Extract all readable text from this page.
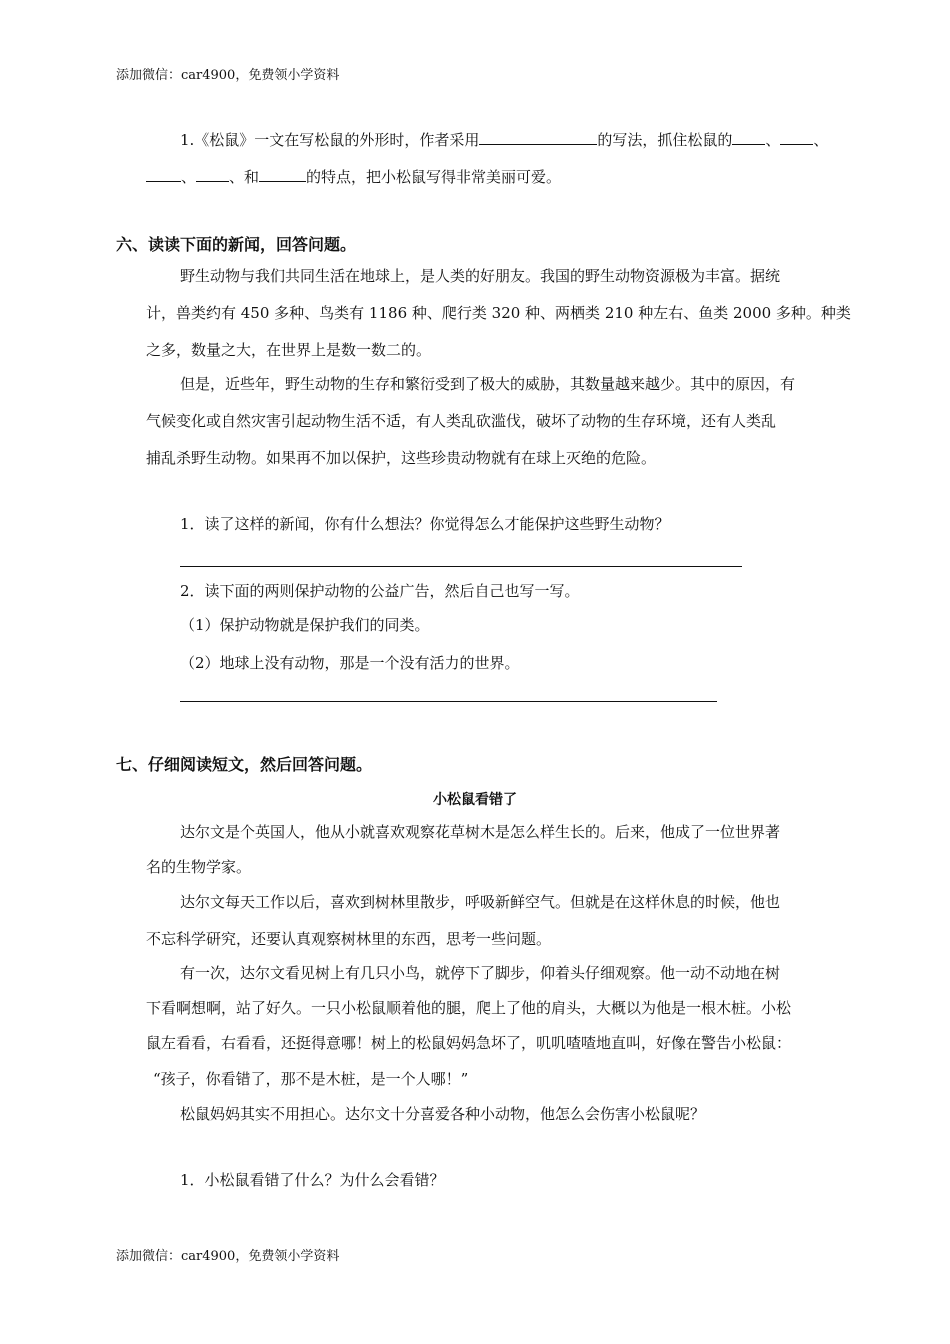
添加微信：car4900，免费领小学资料
1.《松鼠》一文在写松鼠的外形时，作者采用	的写法，抓住松鼠的 、 、
、 、和	的特点，把小松鼠写得非常美丽可爱。
六、读读下面的新闻，回答问题。
野生动物与我们共同生活在地球上，是人类的好朋友。我国的野生动物资源极为丰富。据统
计，兽类约有 450 多种、鸟类有 1186 种、爬行类 320 种、两栖类 210 种左右、鱼类 2000 多种。种类
之多，数量之大，在世界上是数一数二的。
但是，近些年，野生动物的生存和繁衍受到了极大的威胁，其数量越来越少。其中的原因，有
气候变化或自然灾害引起动物生活不适，有人类乱砍滥伐，破坏了动物的生存环境，还有人类乱
捕乱杀野生动物。如果再不加以保护，这些珍贵动物就有在球上灭绝的危险。
1．读了这样的新闻，你有什么想法？你觉得怎么才能保护这些野生动物？
2．读下面的两则保护动物的公益广告，然后自己也写一写。
（1）保护动物就是保护我们的同类。
（2）地球上没有动物，那是一个没有活力的世界。
七、仔细阅读短文，然后回答问题。
小松鼠看错了
达尔文是个英国人，他从小就喜欢观察花草树木是怎么样生长的。后来，他成了一位世界著
名的生物学家。
达尔文每天工作以后，喜欢到树林里散步，呼吸新鲜空气。但就是在这样休息的时候，他也
不忘科学研究，还要认真观察树林里的东西，思考一些问题。
有一次，达尔文看见树上有几只小鸟，就停下了脚步，仰着头仔细观察。他一动不动地在树
下看啊想啊，站了好久。一只小松鼠顺着他的腿，爬上了他的肩头，大概以为他是一根木桩。小松
鼠左看看，右看看，还挺得意哪！树上的松鼠妈妈急坏了，叽叽喳喳地直叫，好像在警告小松鼠：
“孩子，你看错了，那不是木桩，是一个人哪！”
松鼠妈妈其实不用担心。达尔文十分喜爱各种小动物，他怎么会伤害小松鼠呢？
1．小松鼠看错了什么？为什么会看错？
添加微信：car4900，免费领小学资料
